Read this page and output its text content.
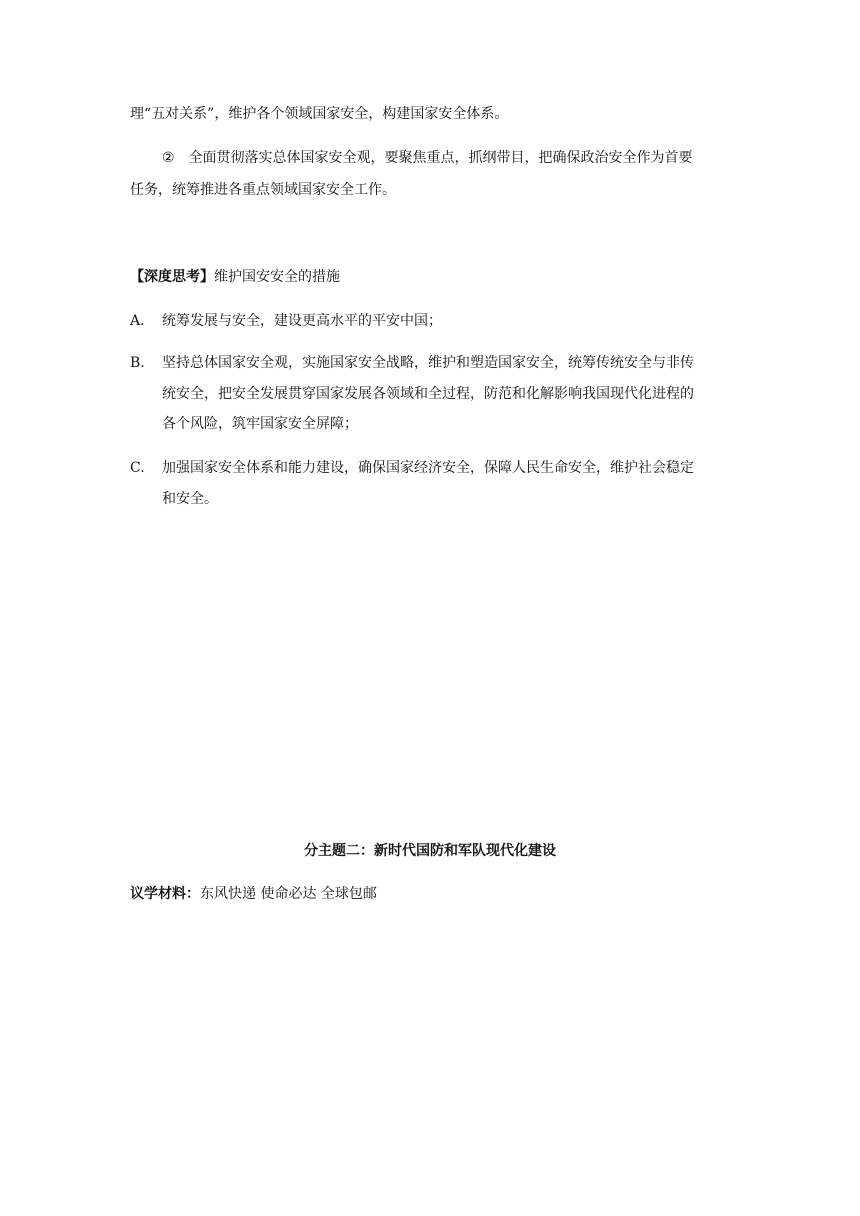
理“五对关系”，维护各个领域国家安全，构建国家安全体系。
② 全面贯彻落实总体国家安全观，要聚焦重点，抓纲带目，把确保政治安全作为首要
任务，统筹推进各重点领域国家安全工作。
【深度思考】维护国安安全的措施
A. 统筹发展与安全，建设更高水平的平安中国；
B. 坚持总体国家安全观，实施国家安全战略，维护和塑造国家安全，统筹传统安全与非传
统安全，把安全发展贯穿国家发展各领域和全过程，防范和化解影响我国现代化进程的
各个风险，筑牢国家安全屏障；
C. 加强国家安全体系和能力建设，确保国家经济安全，保障人民生命安全，维护社会稳定
和安全。
分主题二：新时代国防和军队现代化建设
议学材料：东风快递 使命必达 全球包邮
